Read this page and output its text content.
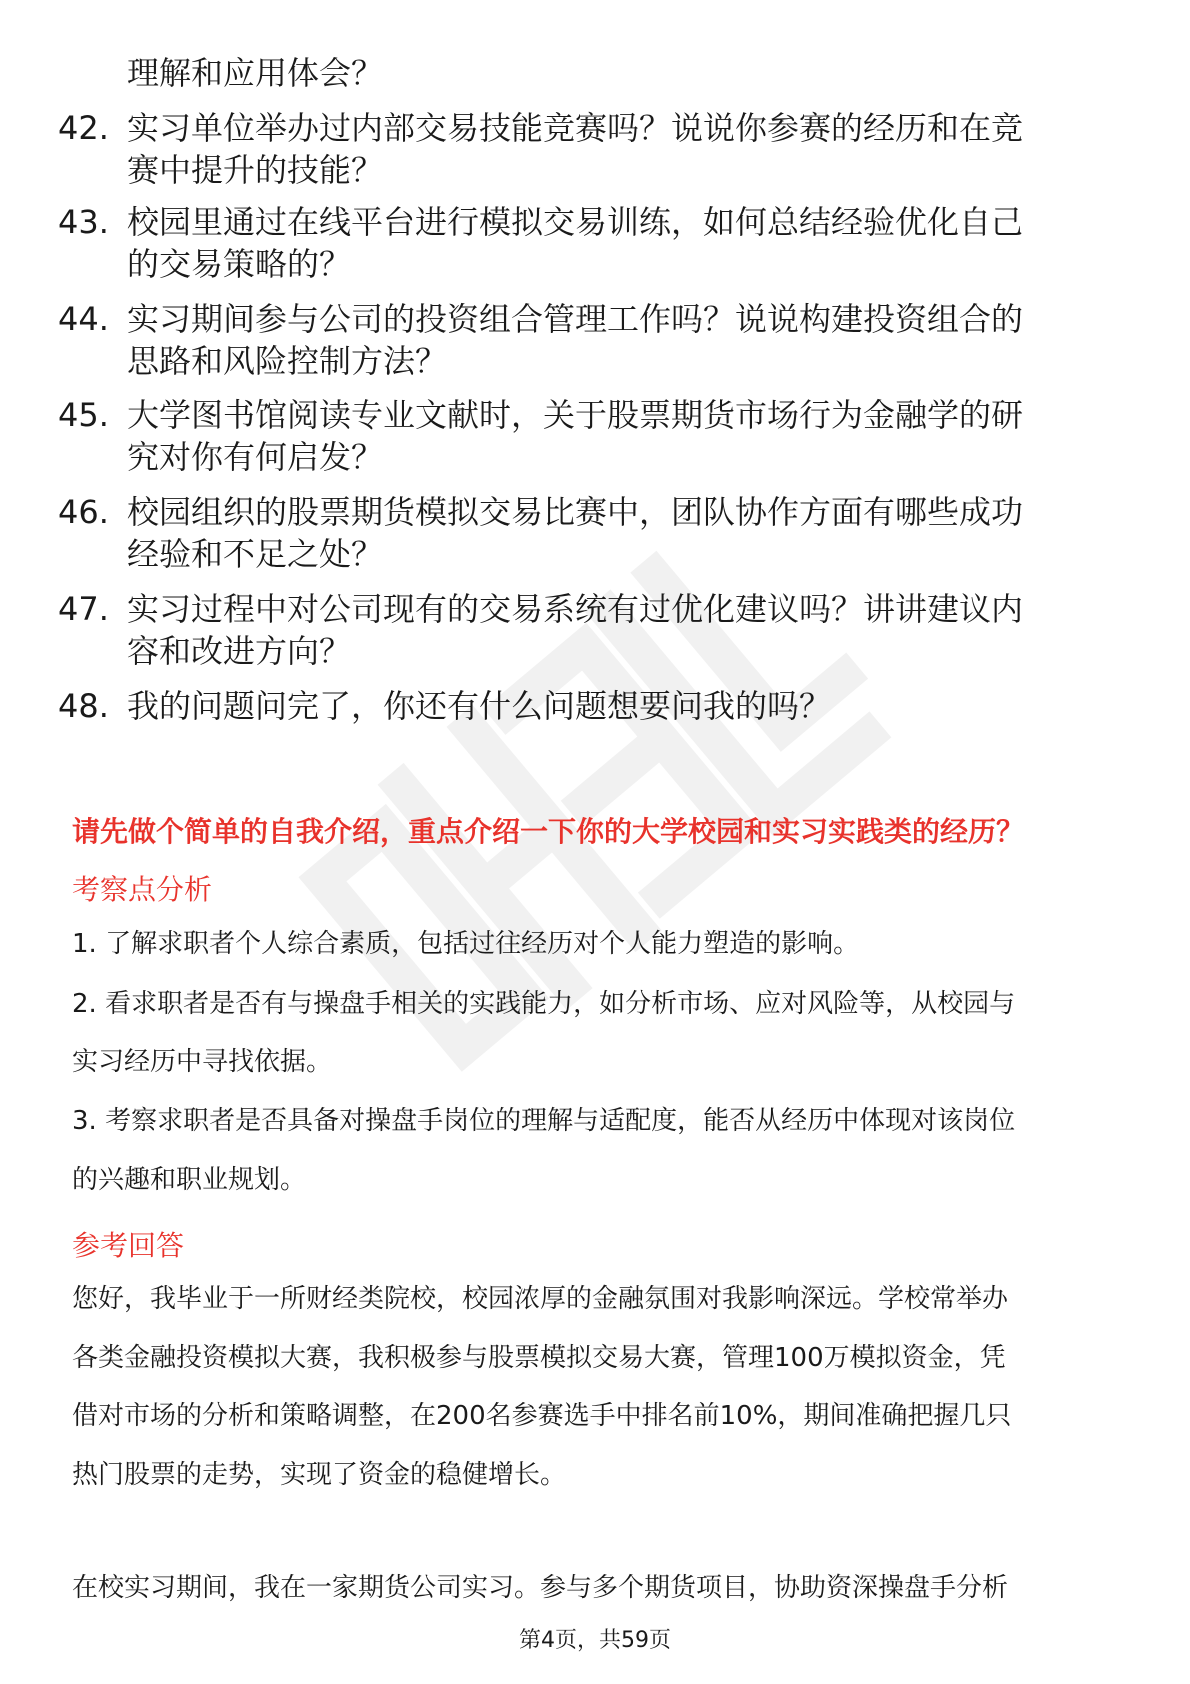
理解和应用体会？
42. 实习单位举办过内部交易技能竞赛吗？说说你参赛的经历和在竞
赛中提升的技能？
43. 校园里通过在线平台进行模拟交易训练，如何总结经验优化自己
的交易策略的？
44. 实习期间参与公司的投资组合管理工作吗？说说构建投资组合的
思路和风险控制方法？
45. 大学图书馆阅读专业文献时，关于股票期货市场行为金融学的研
究对你有何启发？
46. 校园组织的股票期货模拟交易比赛中，团队协作方面有哪些成功
经验和不足之处？
47. 实习过程中对公司现有的交易系统有过优化建议吗？讲讲建议内
容和改进方向？
48. 我的问题问完了，你还有什么问题想要问我的吗？
请先做个简单的自我介绍，重点介绍一下你的大学校园和实习实践类的经历？
考察点分析
1. 了解求职者个人综合素质，包括过往经历对个人能力塑造的影响。
2. 看求职者是否有与操盘手相关的实践能力，如分析市场、应对风险等，从校园与
实习经历中寻找依据。
3. 考察求职者是否具备对操盘手岗位的理解与适配度，能否从经历中体现对该岗位
的兴趣和职业规划。
参考回答
您好，我毕业于一所财经类院校，校园浓厚的金融氛围对我影响深远。学校常举办
各类金融投资模拟大赛，我积极参与股票模拟交易大赛，管理100万模拟资金，凭
借对市场的分析和策略调整，在200名参赛选手中排名前10%，期间准确把握几只
热门股票的走势，实现了资金的稳健增长。
在校实习期间，我在一家期货公司实习。参与多个期货项目，协助资深操盘手分析
第4页，共59页
